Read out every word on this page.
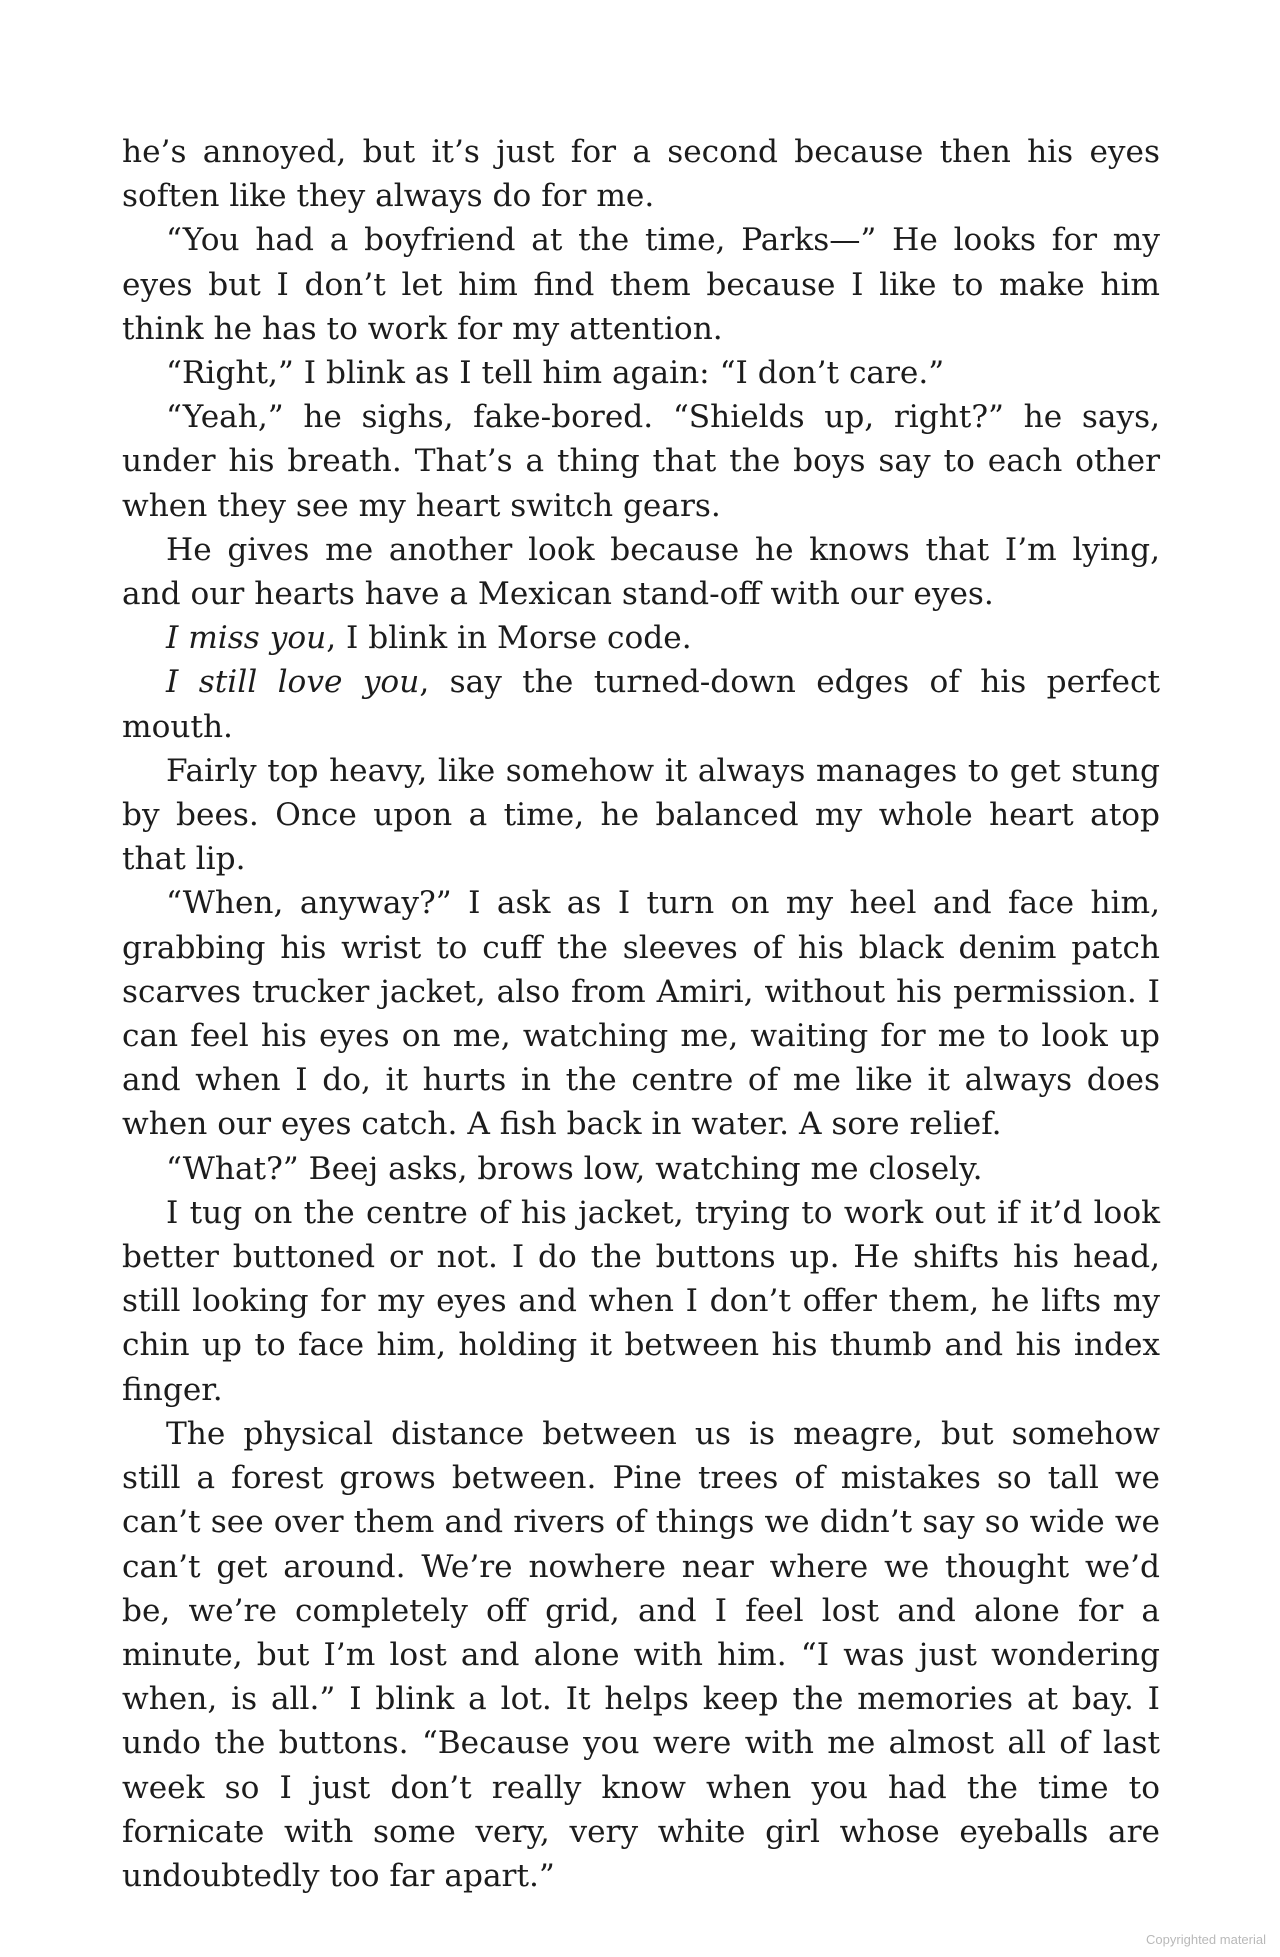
he’s annoyed, but it’s just for a second because then his eyes soften like they always do for me.

“You had a boyfriend at the time, Parks—” He looks for my eyes but I don’t let him find them because I like to make him think he has to work for my attention.

“Right,” I blink as I tell him again: “I don’t care.”

“Yeah,” he sighs, fake-bored. “Shields up, right?” he says, under his breath. That’s a thing that the boys say to each other when they see my heart switch gears.

He gives me another look because he knows that I’m lying, and our hearts have a Mexican stand-off with our eyes.

I miss you, I blink in Morse code.

I still love you, say the turned-down edges of his perfect mouth.

Fairly top heavy, like somehow it always manages to get stung by bees. Once upon a time, he balanced my whole heart atop that lip.

“When, anyway?” I ask as I turn on my heel and face him, grabbing his wrist to cuff the sleeves of his black denim patch scarves trucker jacket, also from Amiri, without his permission. I can feel his eyes on me, watching me, waiting for me to look up and when I do, it hurts in the centre of me like it always does when our eyes catch. A fish back in water. A sore relief.

“What?” Beej asks, brows low, watching me closely.

I tug on the centre of his jacket, trying to work out if it’d look better buttoned or not. I do the buttons up. He shifts his head, still looking for my eyes and when I don’t offer them, he lifts my chin up to face him, holding it between his thumb and his index finger.

The physical distance between us is meagre, but somehow still a forest grows between. Pine trees of mistakes so tall we can’t see over them and rivers of things we didn’t say so wide we can’t get around. We’re nowhere near where we thought we’d be, we’re completely off grid, and I feel lost and alone for a minute, but I’m lost and alone with him. “I was just wondering when, is all.” I blink a lot. It helps keep the memories at bay. I undo the buttons. “Because you were with me almost all of last week so I just don’t really know when you had the time to fornicate with some very, very white girl whose eyeballs are undoubtedly too far apart.”

Copyrighted material
